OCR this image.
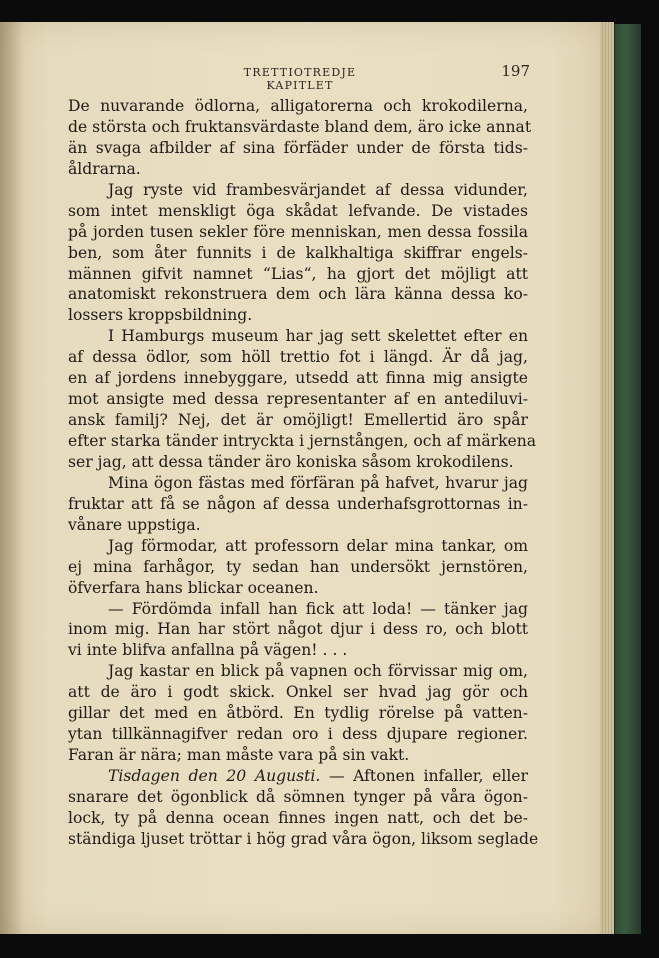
TRETTIOTREDJE KAPITLET
197
De nuvarande ödlorna, alligatorerna och krokodilerna,
de största och fruktansvärdaste bland dem, äro icke annat
än svaga afbilder af sina förfäder under de första tids-
åldrarna.
Jag ryste vid frambesvärjandet af dessa vidunder,
som intet menskligt öga skådat lefvande. De vistades
på jorden tusen sekler före menniskan, men dessa fossila
ben, som åter funnits i de kalkhaltiga skiffrar engels-
männen gifvit namnet “Lias“, ha gjort det möjligt att
anatomiskt rekonstruera dem och lära känna dessa ko-
lossers kroppsbildning.
I Hamburgs museum har jag sett skelettet efter en
af dessa ödlor, som höll trettio fot i längd. Är då jag,
en af jordens innebyggare, utsedd att finna mig ansigte
mot ansigte med dessa representanter af en antediluvi-
ansk familj? Nej, det är omöjligt! Emellertid äro spår
efter starka tänder intryckta i jernstången, och af märkena
ser jag, att dessa tänder äro koniska såsom krokodilens.
Mina ögon fästas med förfäran på hafvet, hvarur jag
fruktar att få se någon af dessa underhafsgrottornas in-
vånare uppstiga.
Jag förmodar, att professorn delar mina tankar, om
ej mina farhågor, ty sedan han undersökt jernstören,
öfverfara hans blickar oceanen.
— Fördömda infall han fick att loda! — tänker jag
inom mig. Han har stört något djur i dess ro, och blott
vi inte blifva anfallna på vägen! . . .
Jag kastar en blick på vapnen och förvissar mig om,
att de äro i godt skick. Onkel ser hvad jag gör och
gillar det med en åtbörd. En tydlig rörelse på vatten-
ytan tillkännagifver redan oro i dess djupare regioner.
Faran är nära; man måste vara på sin vakt.
Tisdagen den 20 Augusti. — Aftonen infaller, eller
snarare det ögonblick då sömnen tynger på våra ögon-
lock, ty på denna ocean finnes ingen natt, och det be-
ständiga ljuset tröttar i hög grad våra ögon, liksom seglade
